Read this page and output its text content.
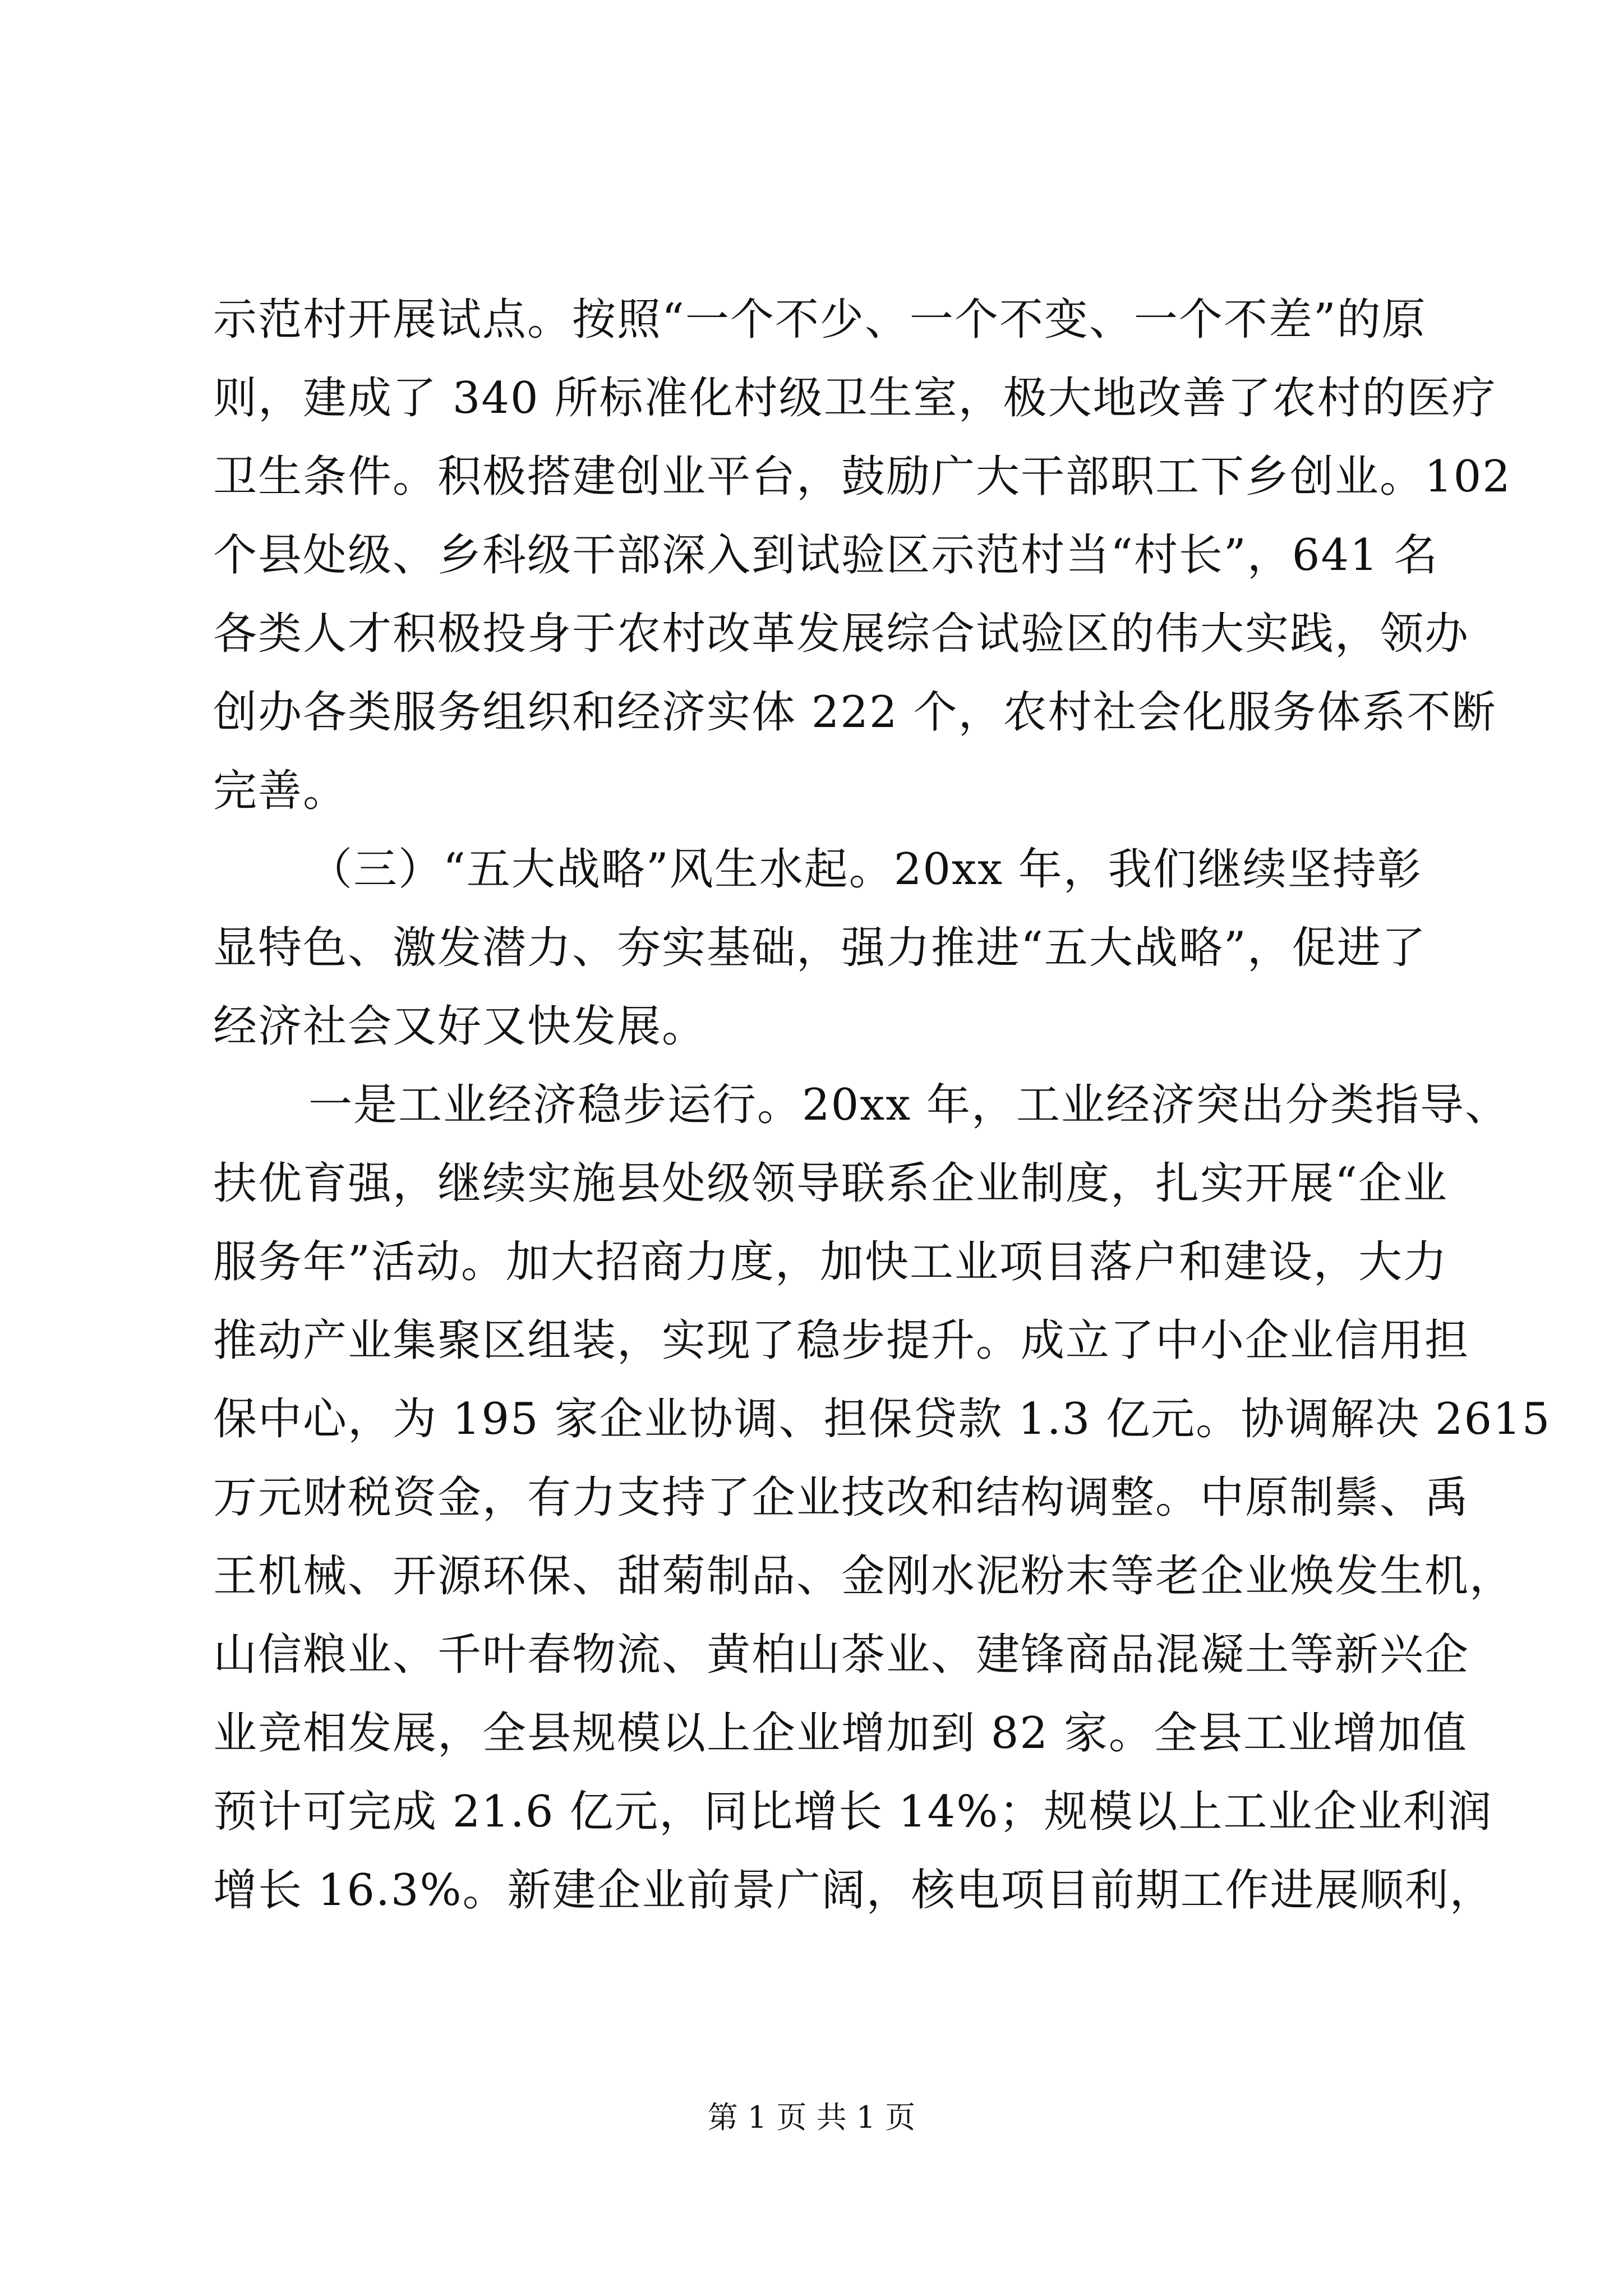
示范村开展试点。按照“一个不少、一个不变、一个不差”的原
则，建成了 340 所标准化村级卫生室，极大地改善了农村的医疗
卫生条件。积极搭建创业平台，鼓励广大干部职工下乡创业。102
个县处级、乡科级干部深入到试验区示范村当“村长”，641 名
各类人才积极投身于农村改革发展综合试验区的伟大实践，领办
创办各类服务组织和经济实体 222 个，农村社会化服务体系不断
完善。
（三）“五大战略”风生水起。20xx 年，我们继续坚持彰
显特色、激发潜力、夯实基础，强力推进“五大战略”，促进了
经济社会又好又快发展。
一是工业经济稳步运行。20xx 年，工业经济突出分类指导、
扶优育强，继续实施县处级领导联系企业制度，扎实开展“企业
服务年”活动。加大招商力度，加快工业项目落户和建设，大力
推动产业集聚区组装，实现了稳步提升。成立了中小企业信用担
保中心，为 195 家企业协调、担保贷款 1.3 亿元。协调解决 2615
万元财税资金，有力支持了企业技改和结构调整。中原制鬃、禹
王机械、开源环保、甜菊制品、金刚水泥粉末等老企业焕发生机，
山信粮业、千叶春物流、黄柏山茶业、建锋商品混凝土等新兴企
业竞相发展，全县规模以上企业增加到 82 家。全县工业增加值
预计可完成 21.6 亿元，同比增长 14%；规模以上工业企业利润
增长 16.3%。新建企业前景广阔，核电项目前期工作进展顺利，
第 1 页 共 1 页
